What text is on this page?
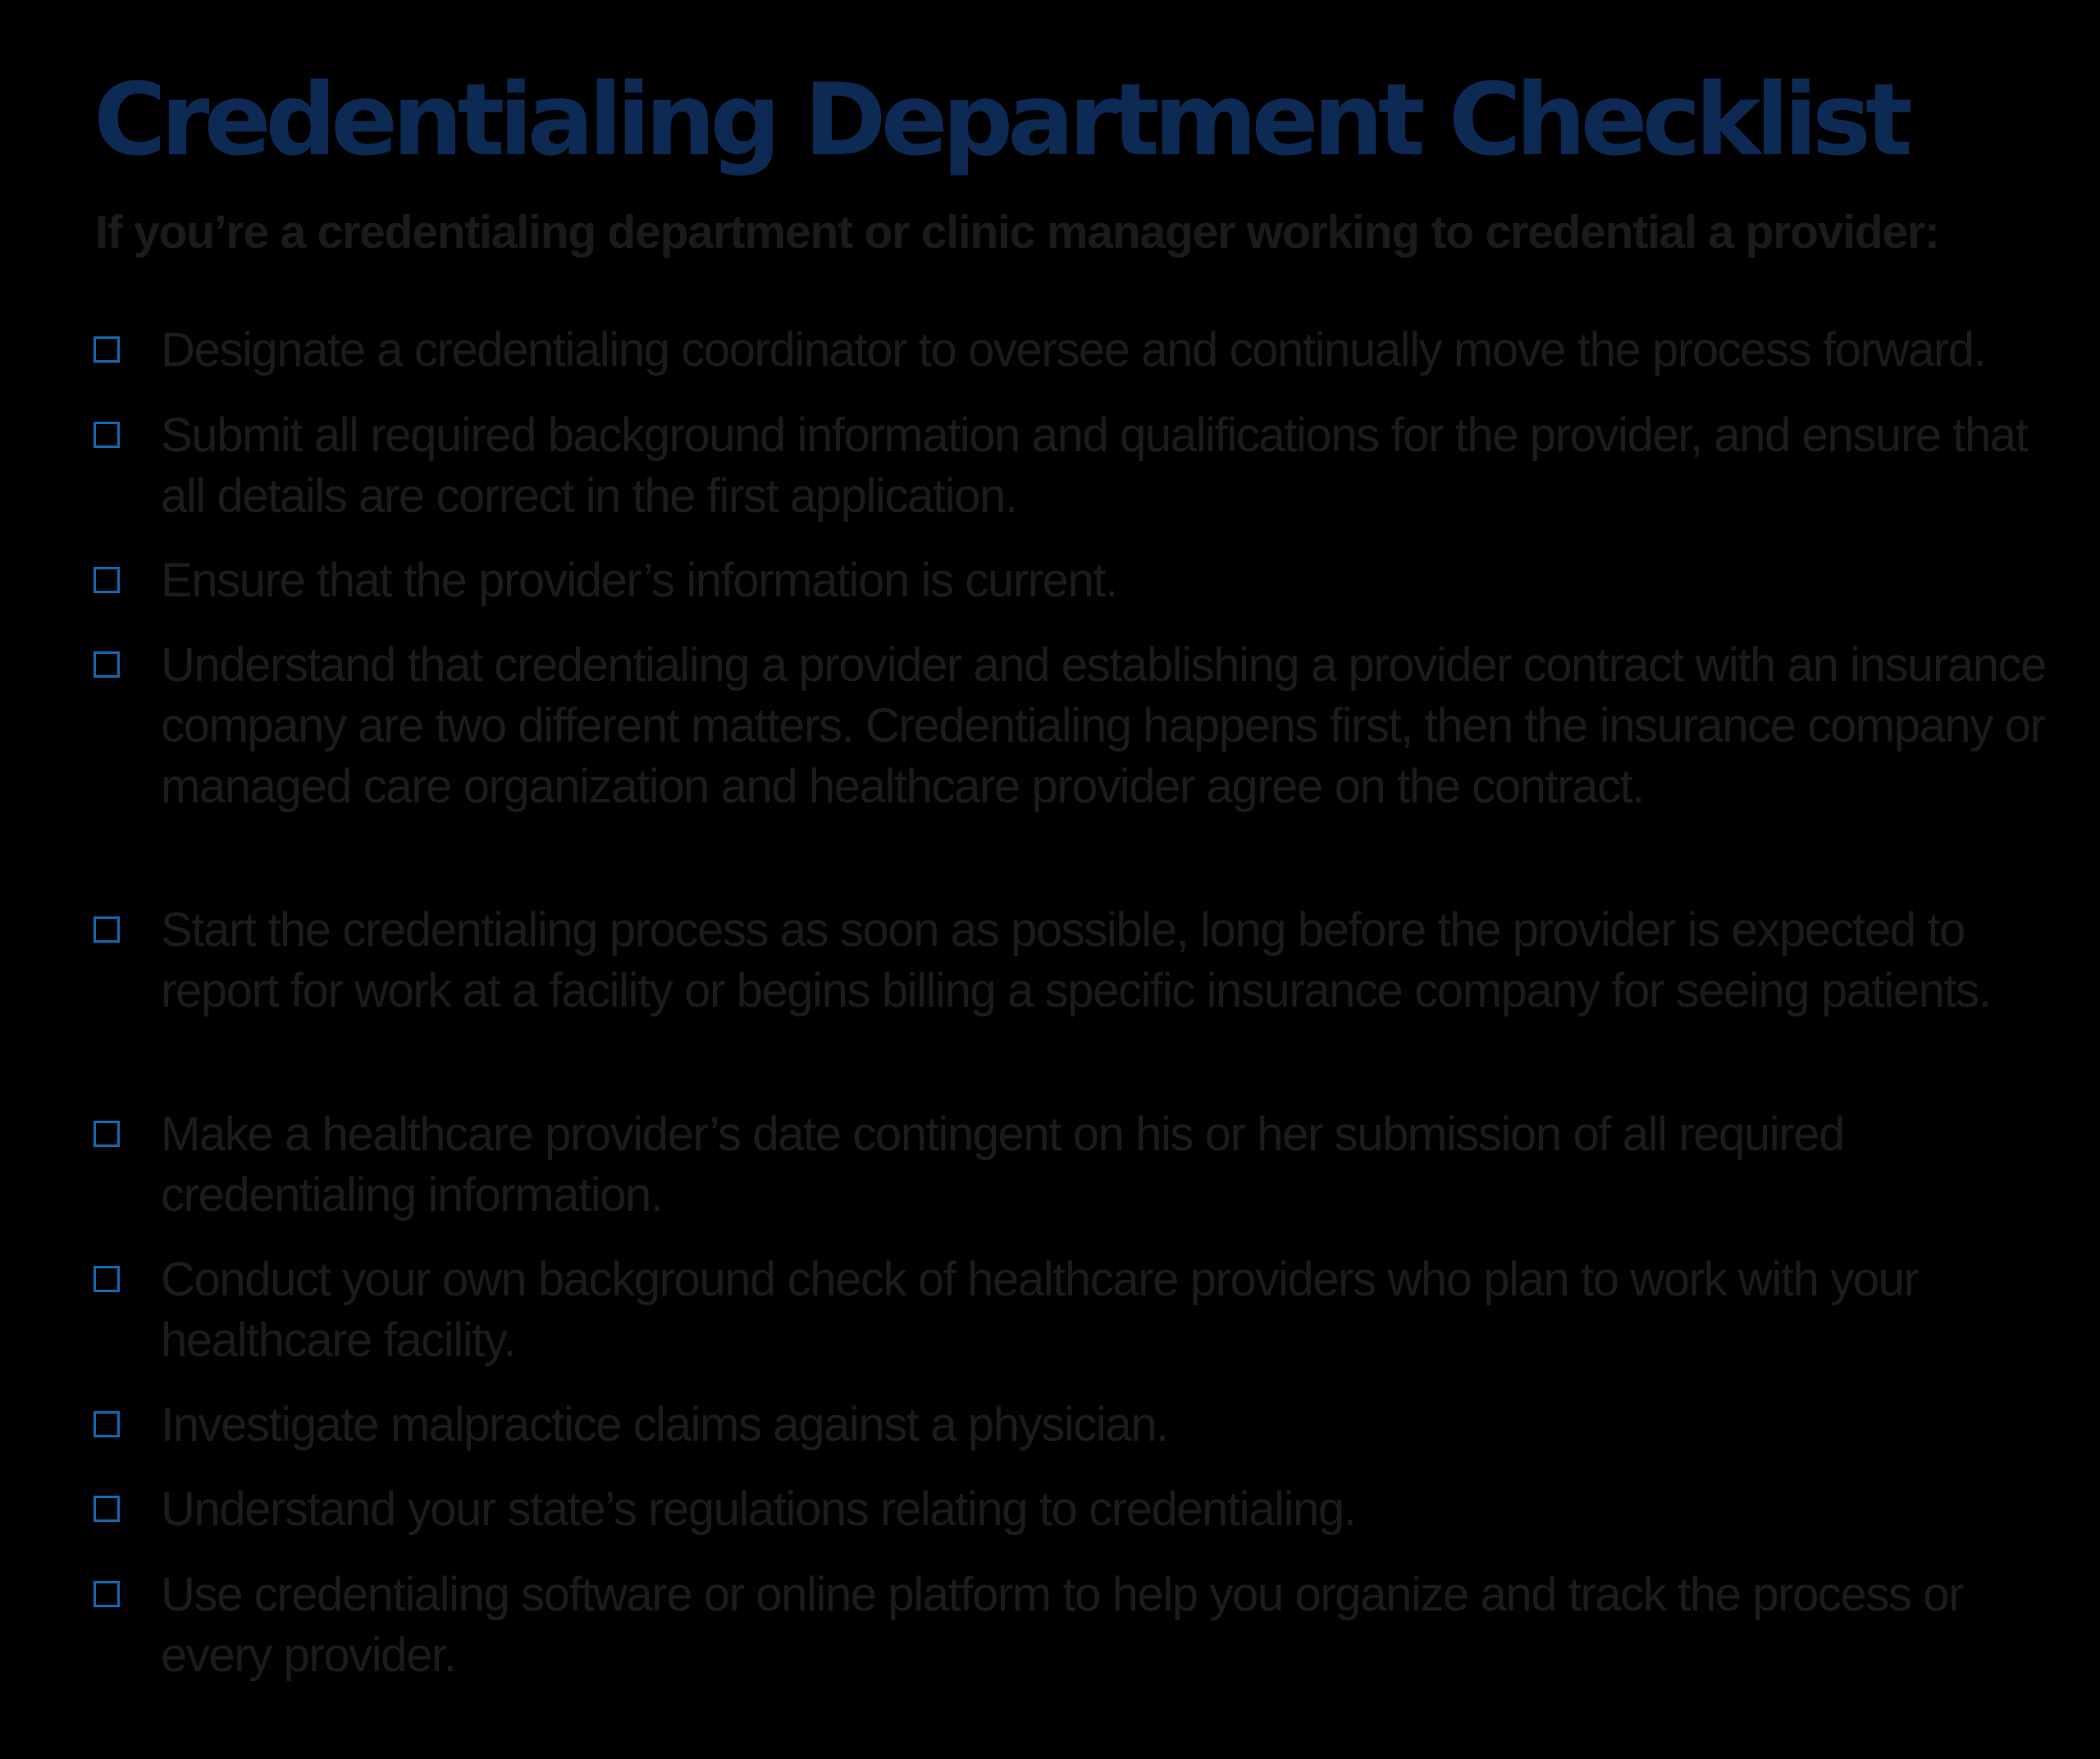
Credentialing Department Checklist

If you’re a credentialing department or clinic manager working to credential a provider:

Designate a credentialing coordinator to oversee and continually move the process forward.
Submit all required background information and qualifications for the provider, and ensure that all details are correct in the first application.
Ensure that the provider’s information is current.
Understand that credentialing a provider and establishing a provider contract with an insurance company are two different matters. Credentialing happens first, then the insurance company or managed care organization and healthcare provider agree on the contract.
Start the credentialing process as soon as possible, long before the provider is expected to report for work at a facility or begins billing a specific insurance company for seeing patients.
Make a healthcare provider’s date contingent on his or her submission of all required credentialing information.
Conduct your own background check of healthcare providers who plan to work with your healthcare facility.
Investigate malpractice claims against a physician.
Understand your state’s regulations relating to credentialing.
Use credentialing software or online platform to help you organize and track the process or every provider.
